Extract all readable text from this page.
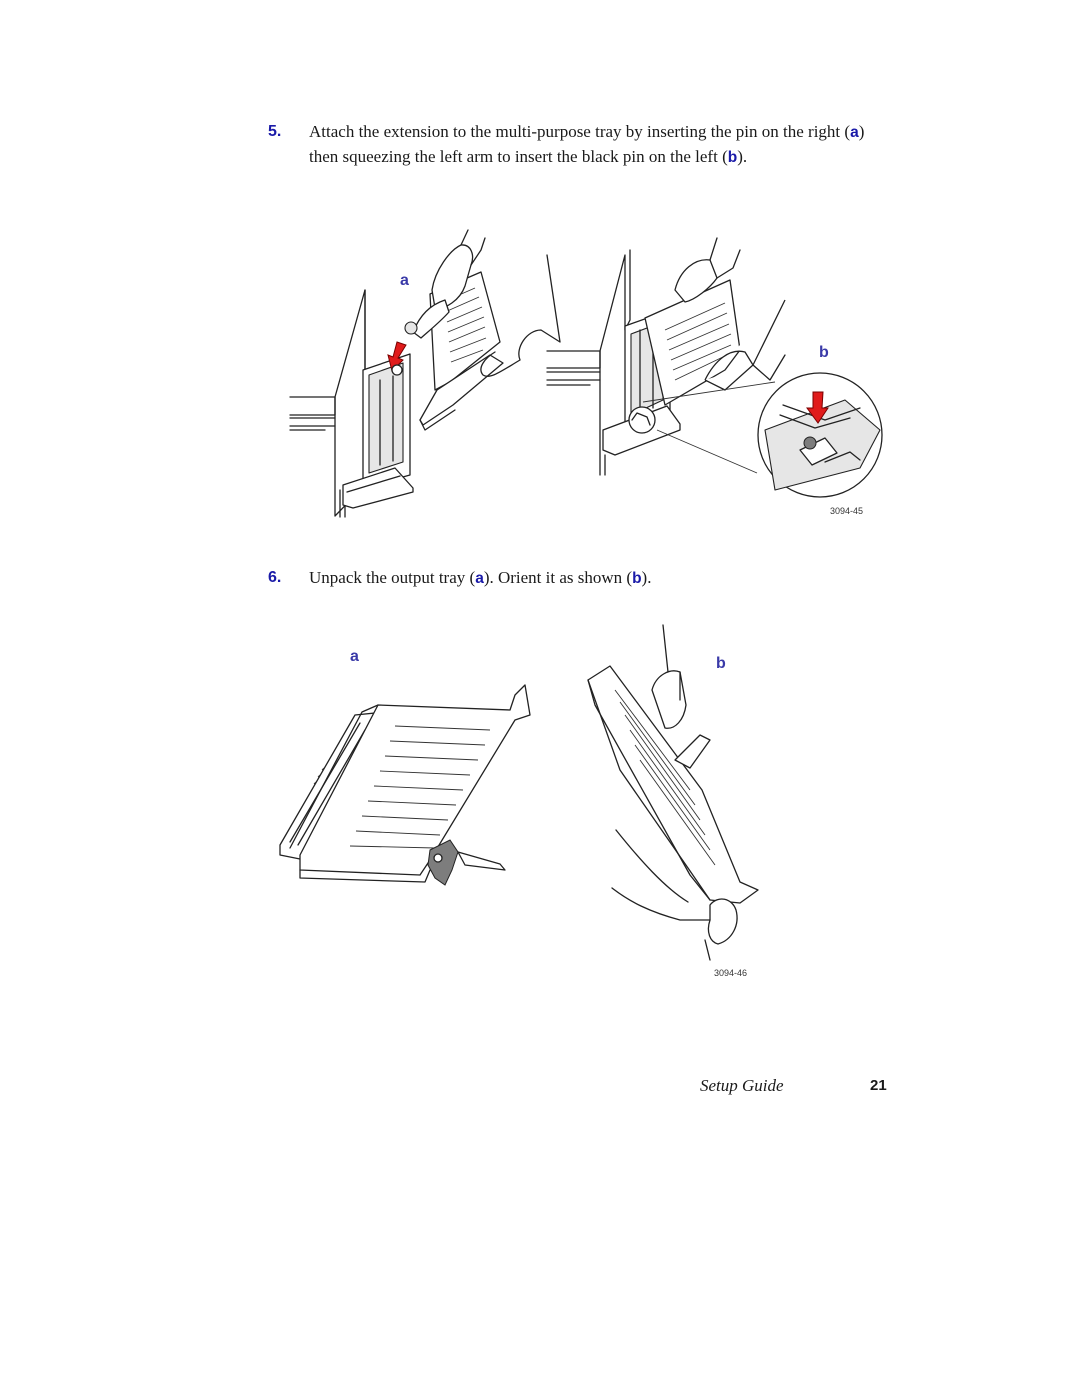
5. Attach the extension to the multi-purpose tray by inserting the pin on the right (a) then squeezing the left arm to insert the black pin on the left (b).
a
b
3094-45
6. Unpack the output tray (a). Orient it as shown (b).
a	b
3094-46
Setup Guide	21
